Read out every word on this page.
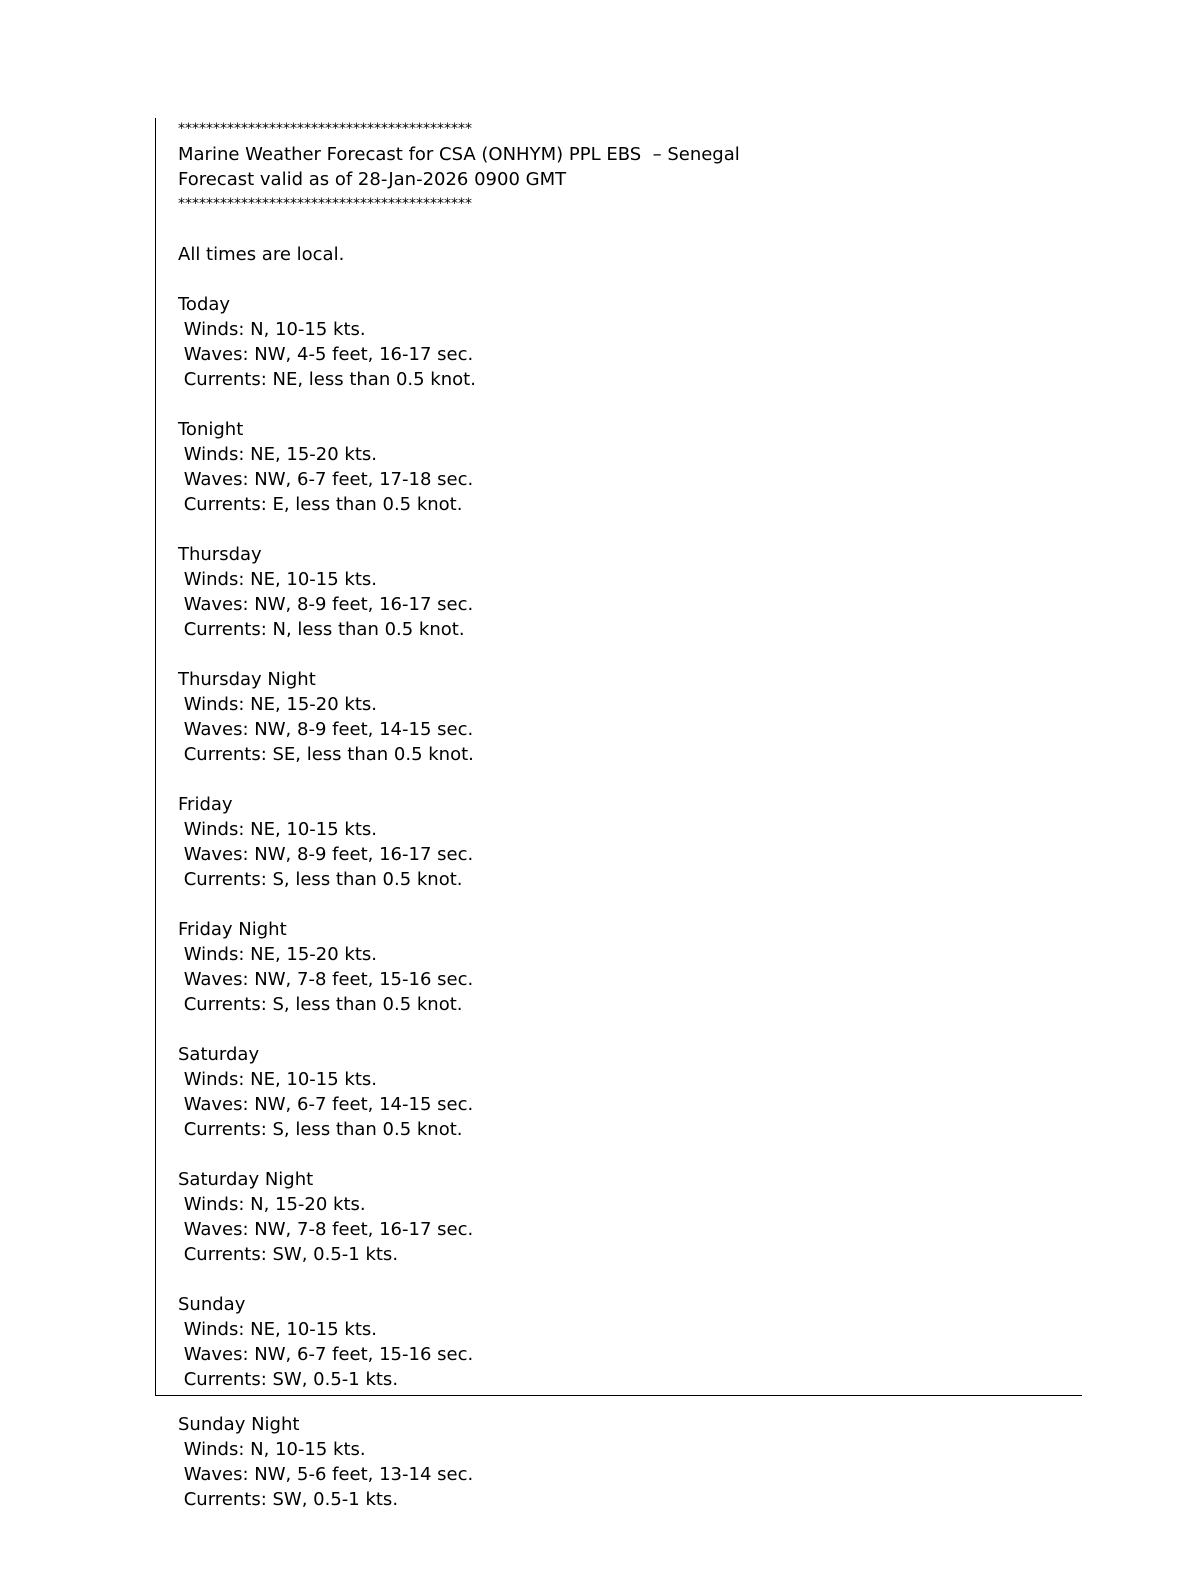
******************************************
Marine Weather Forecast for CSA (ONHYM) PPL EBS  – Senegal
Forecast valid as of 28-Jan-2026 0900 GMT
******************************************
All times are local.
Today
Winds: N, 10-15 kts.
Waves: NW, 4-5 feet, 16-17 sec.
Currents: NE, less than 0.5 knot.
Tonight
Winds: NE, 15-20 kts.
Waves: NW, 6-7 feet, 17-18 sec.
Currents: E, less than 0.5 knot.
Thursday
Winds: NE, 10-15 kts.
Waves: NW, 8-9 feet, 16-17 sec.
Currents: N, less than 0.5 knot.
Thursday Night
Winds: NE, 15-20 kts.
Waves: NW, 8-9 feet, 14-15 sec.
Currents: SE, less than 0.5 knot.
Friday
Winds: NE, 10-15 kts.
Waves: NW, 8-9 feet, 16-17 sec.
Currents: S, less than 0.5 knot.
Friday Night
Winds: NE, 15-20 kts.
Waves: NW, 7-8 feet, 15-16 sec.
Currents: S, less than 0.5 knot.
Saturday
Winds: NE, 10-15 kts.
Waves: NW, 6-7 feet, 14-15 sec.
Currents: S, less than 0.5 knot.
Saturday Night
Winds: N, 15-20 kts.
Waves: NW, 7-8 feet, 16-17 sec.
Currents: SW, 0.5-1 kts.
Sunday
Winds: NE, 10-15 kts.
Waves: NW, 6-7 feet, 15-16 sec.
Currents: SW, 0.5-1 kts.
Sunday Night
Winds: N, 10-15 kts.
Waves: NW, 5-6 feet, 13-14 sec.
Currents: SW, 0.5-1 kts.
